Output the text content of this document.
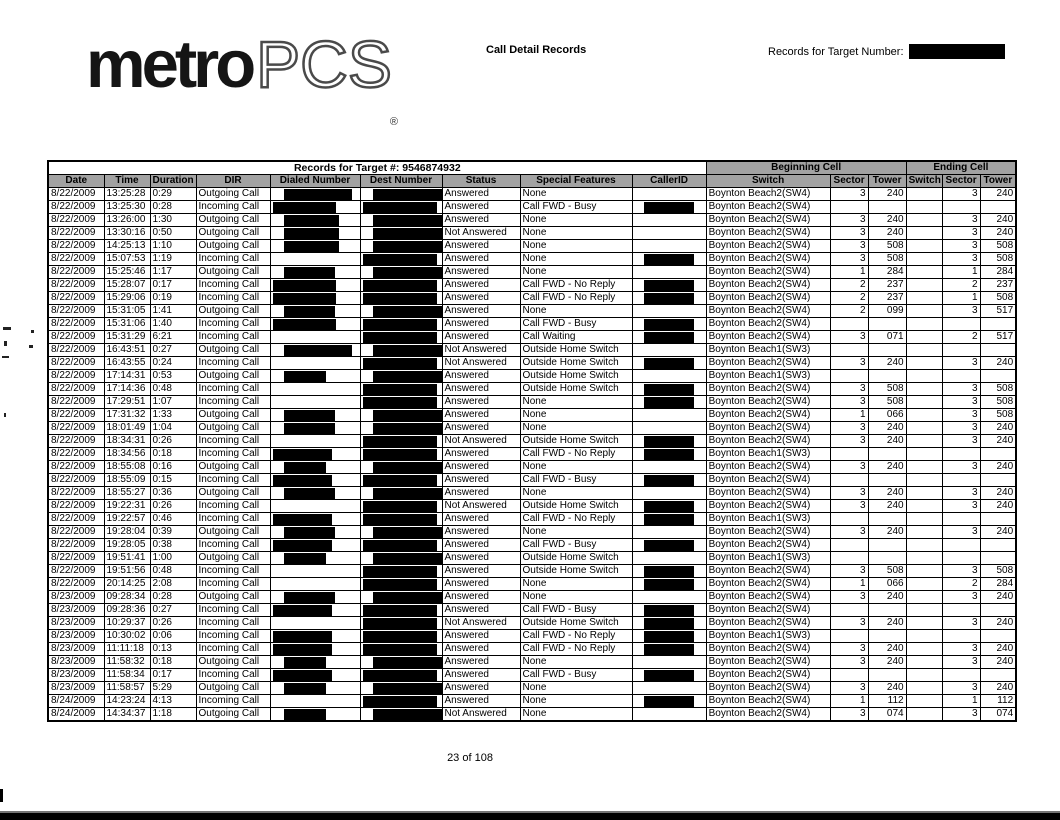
metroPCS$_®$
Call Detail Records	Records for Target Number:
Records for Target #: 9546874932									Beginning Cell			Ending Cell		
Date	Time	Duration	DIR	Dialed Number	Dest Number	Status	Special Features	CallerID	Switch	Sector	Tower	Switch	Sector	Tower
8/22/2009	13:25:28	0:29	Outgoing Call			Answered	None		Boynton Beach2(SW4)	3	240		3	240
8/22/2009	13:25:30	0:28	Incoming Call			Answered	Call FWD - Busy		Boynton Beach2(SW4)					
8/22/2009	13:26:00	1:30	Outgoing Call			Answered	None		Boynton Beach2(SW4)	3	240		3	240
8/22/2009	13:30:16	0:50	Outgoing Call			Not Answered	None		Boynton Beach2(SW4)	3	240		3	240
8/22/2009	14:25:13	1:10	Outgoing Call			Answered	None		Boynton Beach2(SW4)	3	508		3	508
8/22/2009	15:07:53	1:19	Incoming Call			Answered	None		Boynton Beach2(SW4)	3	508		3	508
8/22/2009	15:25:46	1:17	Outgoing Call			Answered	None		Boynton Beach2(SW4)	1	284		1	284
8/22/2009	15:28:07	0:17	Incoming Call			Answered	Call FWD - No Reply		Boynton Beach2(SW4)	2	237		2	237
8/22/2009	15:29:06	0:19	Incoming Call			Answered	Call FWD - No Reply		Boynton Beach2(SW4)	2	237		1	508
8/22/2009	15:31:05	1:41	Outgoing Call			Answered	None		Boynton Beach2(SW4)	2	099		3	517
8/22/2009	15:31:06	1:40	Incoming Call			Answered	Call FWD - Busy		Boynton Beach2(SW4)					
8/22/2009	15:31:29	6:21	Incoming Call			Answered	Call Waiting		Boynton Beach2(SW4)	3	071		2	517
8/22/2009	16:43:51	0:27	Outgoing Call			Not Answered	Outside Home Switch		Boynton Beach1(SW3)					
8/22/2009	16:43:55	0:24	Incoming Call			Not Answered	Outside Home Switch		Boynton Beach2(SW4)	3	240		3	240
8/22/2009	17:14:31	0:53	Outgoing Call			Answered	Outside Home Switch		Boynton Beach1(SW3)					
8/22/2009	17:14:36	0:48	Incoming Call			Answered	Outside Home Switch		Boynton Beach2(SW4)	3	508		3	508
8/22/2009	17:29:51	1:07	Incoming Call			Answered	None		Boynton Beach2(SW4)	3	508		3	508
8/22/2009	17:31:32	1:33	Outgoing Call			Answered	None		Boynton Beach2(SW4)	1	066		3	508
8/22/2009	18:01:49	1:04	Outgoing Call			Answered	None		Boynton Beach2(SW4)	3	240		3	240
8/22/2009	18:34:31	0:26	Incoming Call			Not Answered	Outside Home Switch		Boynton Beach2(SW4)	3	240		3	240
8/22/2009	18:34:56	0:18	Incoming Call			Answered	Call FWD - No Reply		Boynton Beach1(SW3)					
8/22/2009	18:55:08	0:16	Outgoing Call			Answered	None		Boynton Beach2(SW4)	3	240		3	240
8/22/2009	18:55:09	0:15	Incoming Call			Answered	Call FWD - Busy		Boynton Beach2(SW4)					
8/22/2009	18:55:27	0:36	Outgoing Call			Answered	None		Boynton Beach2(SW4)	3	240		3	240
8/22/2009	19:22:31	0:26	Incoming Call			Not Answered	Outside Home Switch		Boynton Beach2(SW4)	3	240		3	240
8/22/2009	19:22:57	0:46	Incoming Call			Answered	Call FWD - No Reply		Boynton Beach1(SW3)					
8/22/2009	19:28:04	0:39	Outgoing Call			Answered	None		Boynton Beach2(SW4)	3	240		3	240
8/22/2009	19:28:05	0:38	Incoming Call			Answered	Call FWD - Busy		Boynton Beach2(SW4)					
8/22/2009	19:51:41	1:00	Outgoing Call			Answered	Outside Home Switch		Boynton Beach1(SW3)					
8/22/2009	19:51:56	0:48	Incoming Call			Answered	Outside Home Switch		Boynton Beach2(SW4)	3	508		3	508
8/22/2009	20:14:25	2:08	Incoming Call			Answered	None		Boynton Beach2(SW4)	1	066		2	284
8/23/2009	09:28:34	0:28	Outgoing Call			Answered	None		Boynton Beach2(SW4)	3	240		3	240
8/23/2009	09:28:36	0:27	Incoming Call			Answered	Call FWD - Busy		Boynton Beach2(SW4)					
8/23/2009	10:29:37	0:26	Incoming Call			Not Answered	Outside Home Switch		Boynton Beach2(SW4)	3	240		3	240
8/23/2009	10:30:02	0:06	Incoming Call			Answered	Call FWD - No Reply		Boynton Beach1(SW3)					
8/23/2009	11:11:18	0:13	Incoming Call			Answered	Call FWD - No Reply		Boynton Beach2(SW4)	3	240		3	240
8/23/2009	11:58:32	0:18	Outgoing Call			Answered	None		Boynton Beach2(SW4)	3	240		3	240
8/23/2009	11:58:34	0:17	Incoming Call			Answered	Call FWD - Busy		Boynton Beach2(SW4)					
8/23/2009	11:58:57	5:29	Outgoing Call			Answered	None		Boynton Beach2(SW4)	3	240		3	240
8/24/2009	14:23:24	4:13	Incoming Call			Answered	None		Boynton Beach2(SW4)	1	112		1	112
8/24/2009	14:34:37	1:18	Outgoing Call			Not Answered	None		Boynton Beach2(SW4)	3	074		3	074
23 of 108
